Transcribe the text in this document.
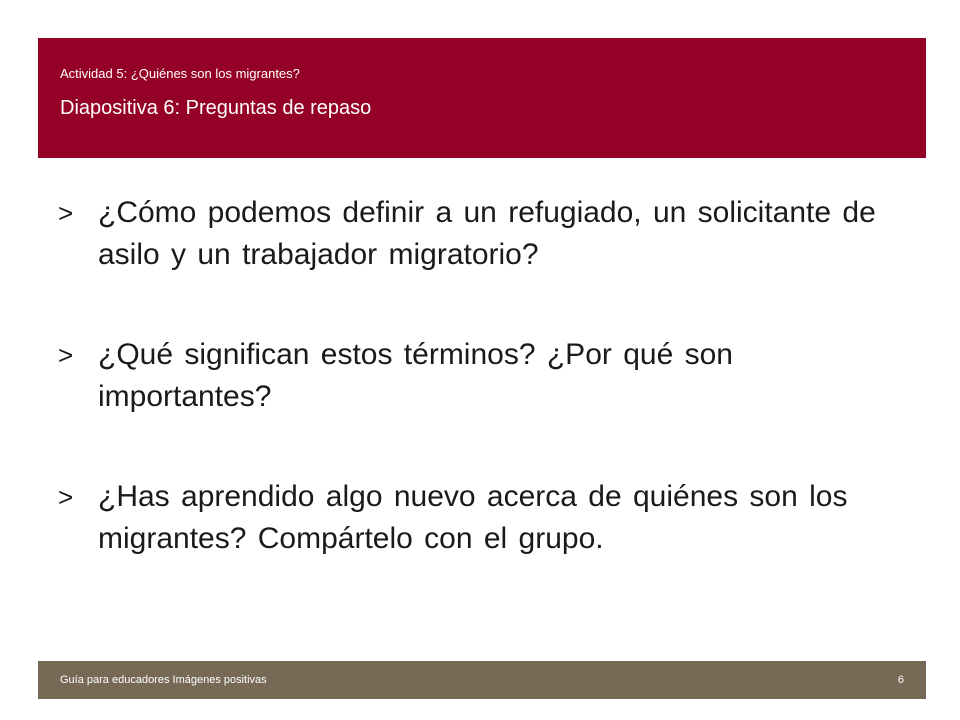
Actividad 5: ¿Quiénes son los migrantes?

Diapositiva 6: Preguntas de repaso
> ¿Cómo podemos definir a un refugiado, un solicitante de asilo y un trabajador migratorio?
> ¿Qué significan estos términos? ¿Por qué son importantes?
> ¿Has aprendido algo nuevo acerca de quiénes son los migrantes? Compártelo con el grupo.
Guía para educadores Imágenes positivas	6
